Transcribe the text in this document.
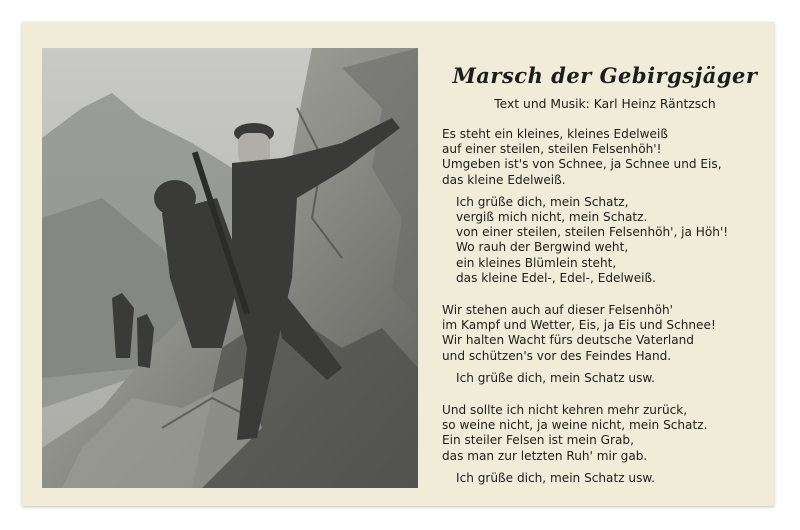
Marsch der Gebirgsjäger
Text und Musik: Karl Heinz Räntzsch
Es steht ein kleines, kleines Edelweiß
auf einer steilen, steilen Felsenhöh'!
Umgeben ist's von Schnee, ja Schnee und Eis,
das kleine Edelweiß.
Ich grüße dich, mein Schatz,
vergiß mich nicht, mein Schatz.
von einer steilen, steilen Felsenhöh', ja Höh'!
Wo rauh der Bergwind weht,
ein kleines Blümlein steht,
das kleine Edel-, Edel-, Edelweiß.
Wir stehen auch auf dieser Felsenhöh'
im Kampf und Wetter, Eis, ja Eis und Schnee!
Wir halten Wacht fürs deutsche Vaterland
und schützen's vor des Feindes Hand.
Ich grüße dich, mein Schatz usw.
Und sollte ich nicht kehren mehr zurück,
so weine nicht, ja weine nicht, mein Schatz.
Ein steiler Felsen ist mein Grab,
das man zur letzten Ruh' mir gab.
Ich grüße dich, mein Schatz usw.
